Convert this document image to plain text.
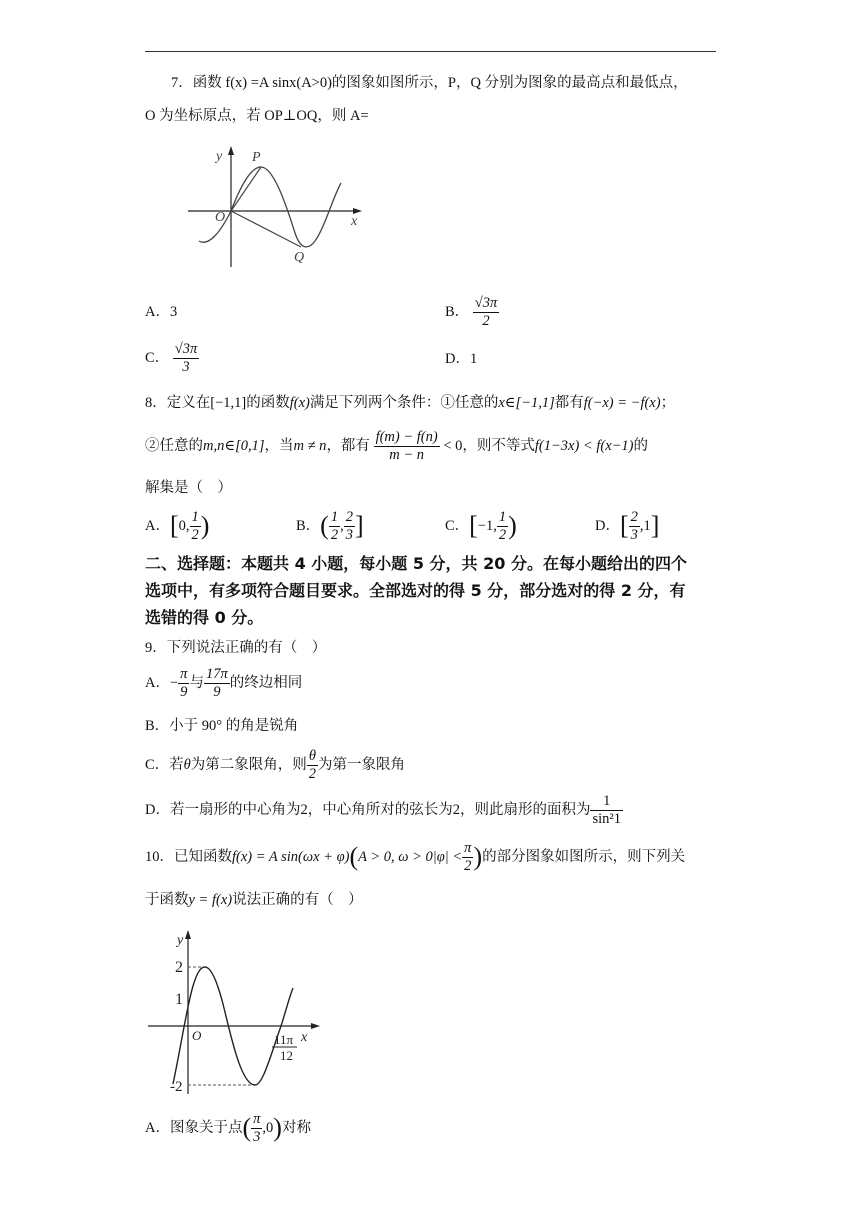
7．函数 f(x) =A sinx(A>0)的图象如图所示，P，Q 分别为图象的最高点和最低点，
O 为坐标原点，若 OP⊥OQ，则 A=
y
x
O
P
Q
A．3	B． $\frac{√3\pi}{2}$
C． $\frac{√3\pi}{3}$	D．1
8．定义在[−1,1]的函数f(x)满足下列两个条件：①任意的x∈[−1,1]都有f(−x) = −f(x)；
②任意的m,n∈[0,1]，当m ≠ n，都有 $\frac{f(m) - f(n)}{m - n} < 0$，则不等式f(1−3x) < f(x−1)的
解集是（　）
A．[0, $\frac{1}{2}$ )	B．( $\frac{1}{2}$ , $\frac{2}{3}$ ]	C．[−1, $\frac{1}{2}$ )	D．[ $\frac{2}{3} ,1$]
二、选择题：本题共 4 小题，每小题 5 分，共 20 分。在每小题给出的四个
选项中，有多项符合题目要求。全部选对的得 5 分，部分选对的得 2 分，有
选错的得 0 分。
9．下列说法正确的有（　）
A．− $\frac{\pi}{9}$ 与 $\frac{17\pi}{9}$ 的终边相同
B．小于 90° 的角是锐角
C．若θ为第二象限角，则 $\frac{\theta}{2}$ 为第一象限角
D．若一扇形的中心角为2，中心角所对的弦长为2，则此扇形的面积为 $\frac{1}{\text{sin²1}}$
10．已知函数f(x) = A sin(ωx + φ)(A > 0, $\omega > 0|\varphi| < \frac{\pi}{2}$ )的部分图象如图所示，则下列关
于函数y = f(x)说法正确的有（　）
y
x
O
2
1
-2
11π
12
A．图象关于点( $\frac{\pi}{3} ,0$)对称
